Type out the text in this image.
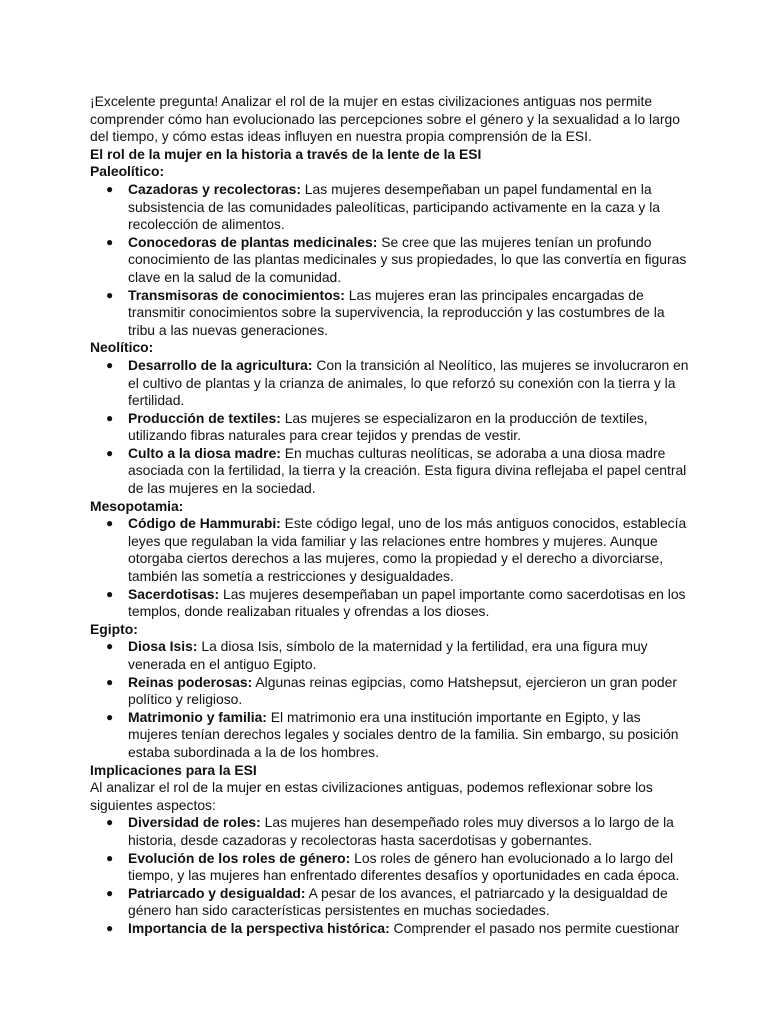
¡Excelente pregunta! Analizar el rol de la mujer en estas civilizaciones antiguas nos permite comprender cómo han evolucionado las percepciones sobre el género y la sexualidad a lo largo del tiempo, y cómo estas ideas influyen en nuestra propia comprensión de la ESI.

El rol de la mujer en la historia a través de la lente de la ESI

Paleolítico:

● Cazadoras y recolectoras: Las mujeres desempeñaban un papel fundamental en la subsistencia de las comunidades paleolíticas, participando activamente en la caza y la recolección de alimentos.
● Conocedoras de plantas medicinales: Se cree que las mujeres tenían un profundo conocimiento de las plantas medicinales y sus propiedades, lo que las convertía en figuras clave en la salud de la comunidad.
● Transmisoras de conocimientos: Las mujeres eran las principales encargadas de transmitir conocimientos sobre la supervivencia, la reproducción y las costumbres de la tribu a las nuevas generaciones.

Neolítico:

● Desarrollo de la agricultura: Con la transición al Neolítico, las mujeres se involucraron en el cultivo de plantas y la crianza de animales, lo que reforzó su conexión con la tierra y la fertilidad.
● Producción de textiles: Las mujeres se especializaron en la producción de textiles, utilizando fibras naturales para crear tejidos y prendas de vestir.
● Culto a la diosa madre: En muchas culturas neolíticas, se adoraba a una diosa madre asociada con la fertilidad, la tierra y la creación. Esta figura divina reflejaba el papel central de las mujeres en la sociedad.

Mesopotamia:

● Código de Hammurabi: Este código legal, uno de los más antiguos conocidos, establecía leyes que regulaban la vida familiar y las relaciones entre hombres y mujeres. Aunque otorgaba ciertos derechos a las mujeres, como la propiedad y el derecho a divorciarse, también las sometía a restricciones y desigualdades.
● Sacerdotisas: Las mujeres desempeñaban un papel importante como sacerdotisas en los templos, donde realizaban rituales y ofrendas a los dioses.

Egipto:

● Diosa Isis: La diosa Isis, símbolo de la maternidad y la fertilidad, era una figura muy venerada en el antiguo Egipto.
● Reinas poderosas: Algunas reinas egipcias, como Hatshepsut, ejercieron un gran poder político y religioso.
● Matrimonio y familia: El matrimonio era una institución importante en Egipto, y las mujeres tenían derechos legales y sociales dentro de la familia. Sin embargo, su posición estaba subordinada a la de los hombres.

Implicaciones para la ESI

Al analizar el rol de la mujer en estas civilizaciones antiguas, podemos reflexionar sobre los siguientes aspectos:

● Diversidad de roles: Las mujeres han desempeñado roles muy diversos a lo largo de la historia, desde cazadoras y recolectoras hasta sacerdotisas y gobernantes.
● Evolución de los roles de género: Los roles de género han evolucionado a lo largo del tiempo, y las mujeres han enfrentado diferentes desafíos y oportunidades en cada época.
● Patriarcado y desigualdad: A pesar de los avances, el patriarcado y la desigualdad de género han sido características persistentes en muchas sociedades.
● Importancia de la perspectiva histórica: Comprender el pasado nos permite cuestionar
